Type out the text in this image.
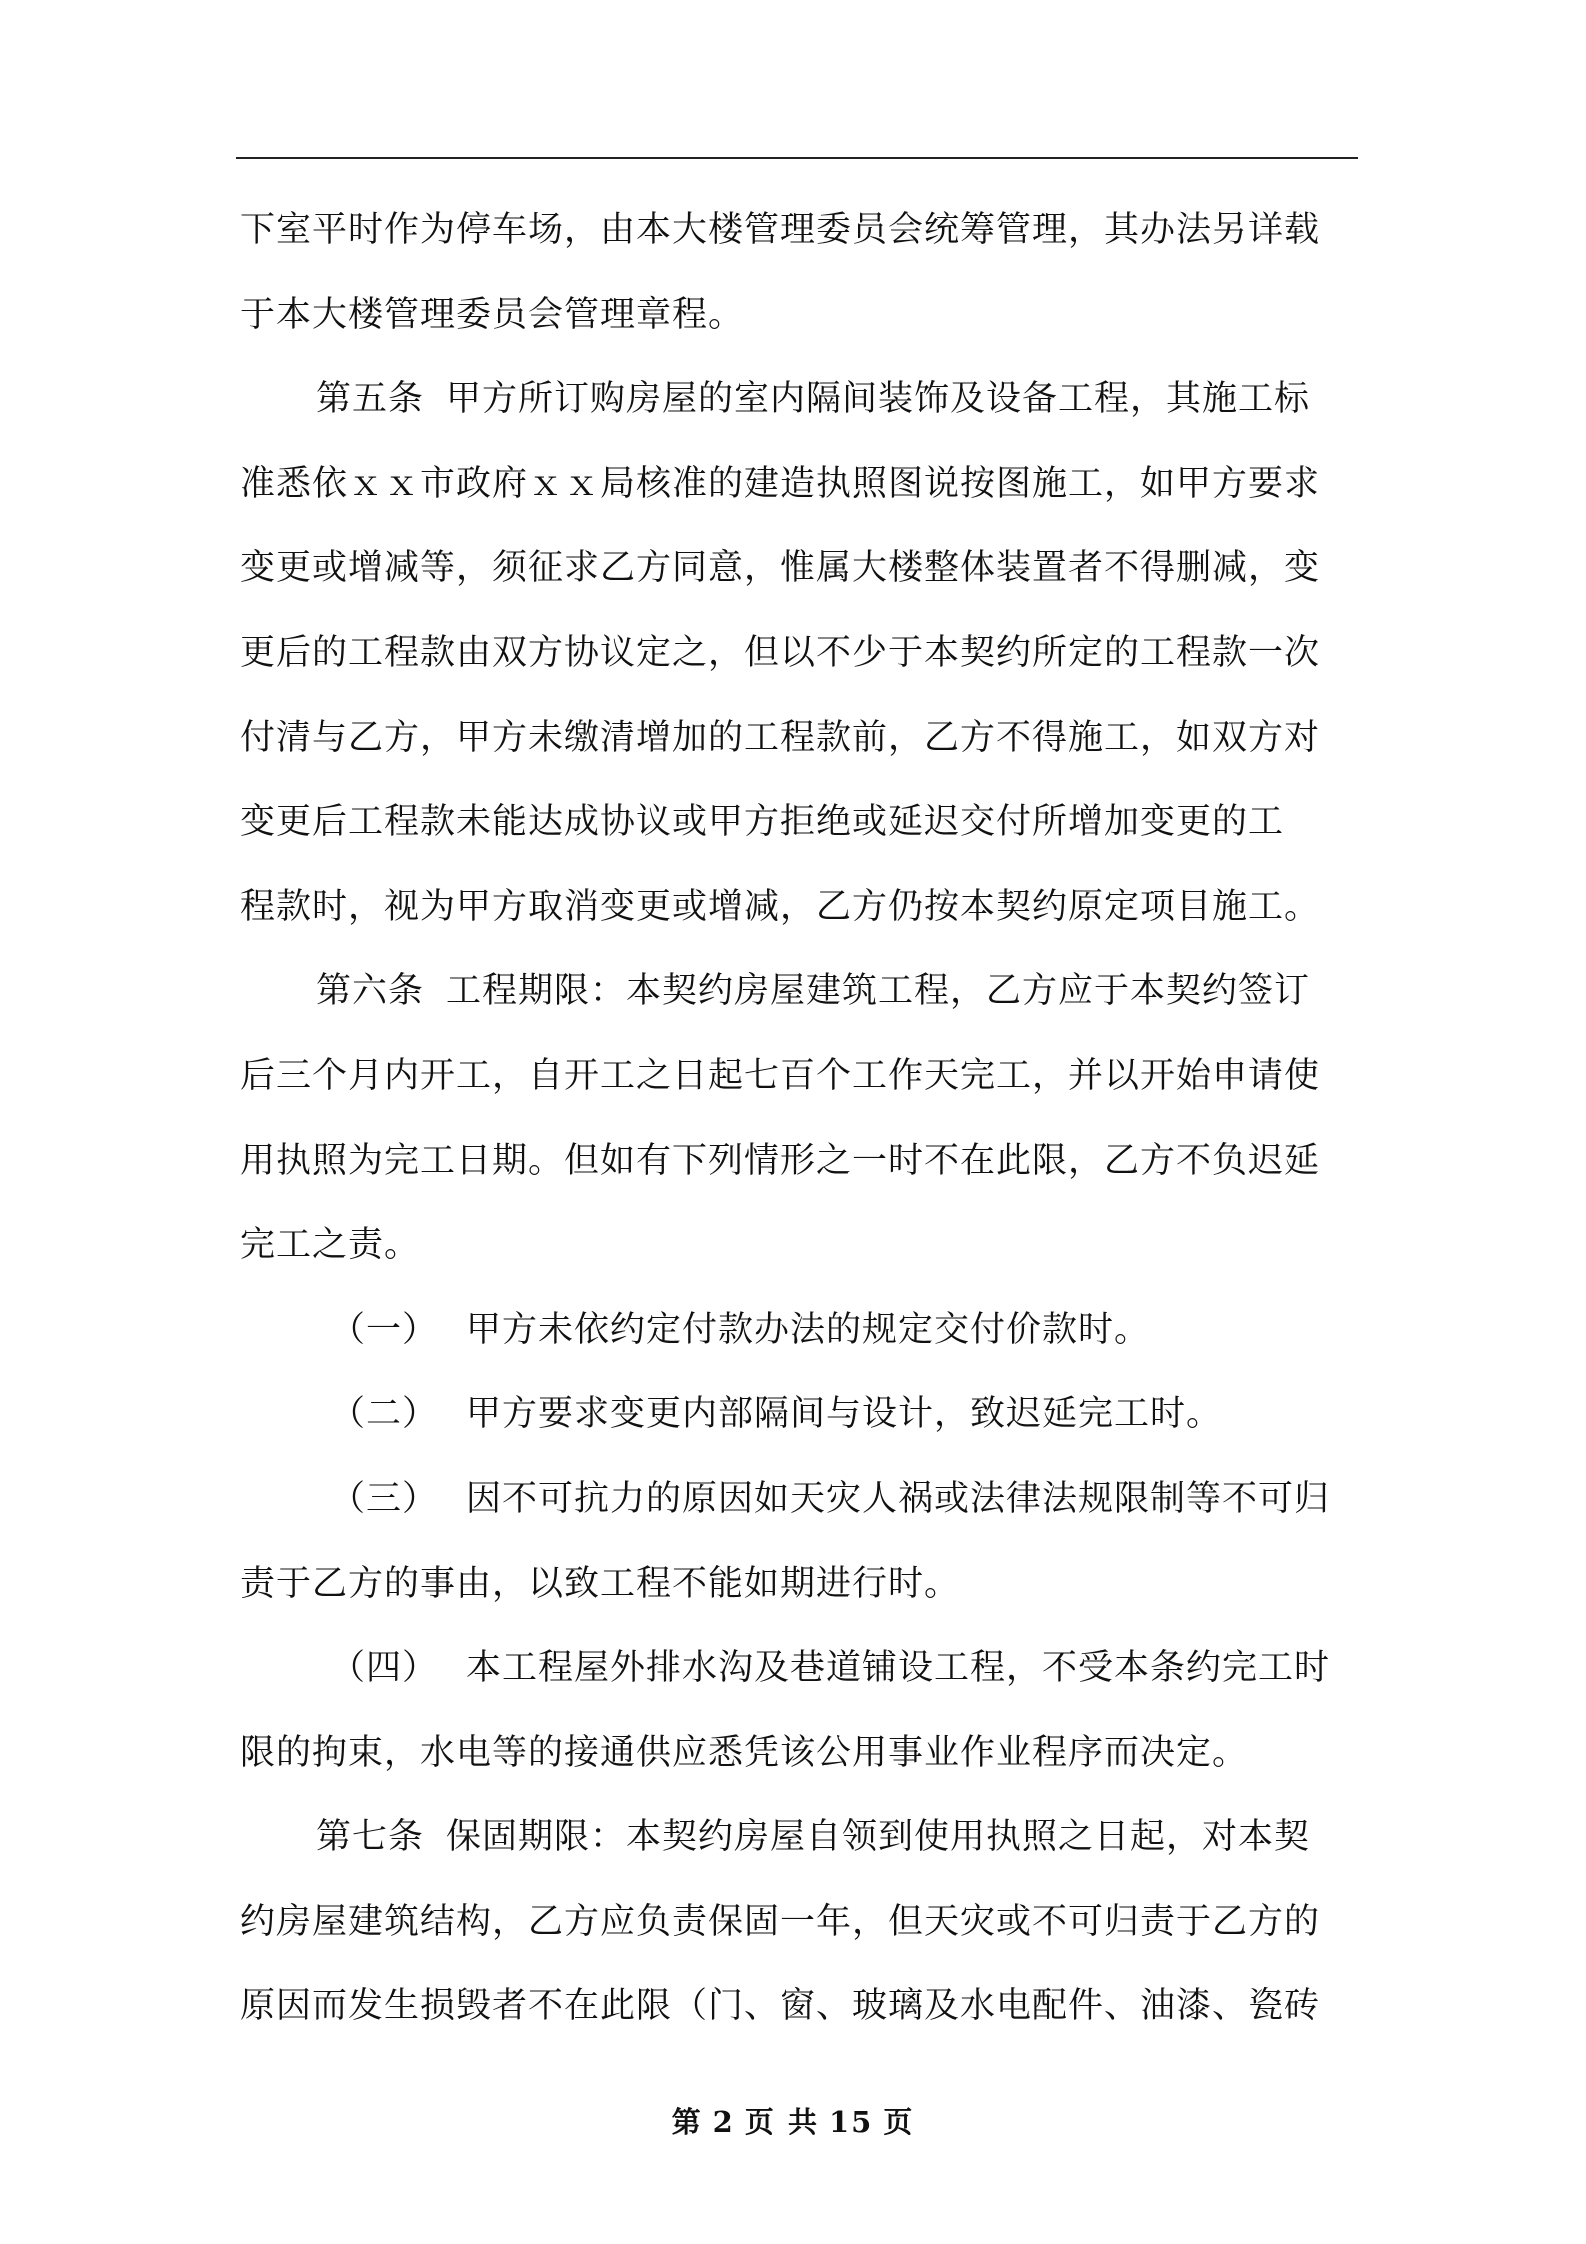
下室平时作为停车场，由本大楼管理委员会统筹管理，其办法另详载
于本大楼管理委员会管理章程。
第五条 甲方所订购房屋的室内隔间装饰及设备工程，其施工标
准悉依ｘｘ市政府ｘｘ局核准的建造执照图说按图施工，如甲方要求
变更或增减等，须征求乙方同意，惟属大楼整体装置者不得删减，变
更后的工程款由双方协议定之，但以不少于本契约所定的工程款一次
付清与乙方，甲方未缴清增加的工程款前，乙方不得施工，如双方对
变更后工程款未能达成协议或甲方拒绝或延迟交付所增加变更的工
程款时，视为甲方取消变更或增减，乙方仍按本契约原定项目施工。
第六条 工程期限：本契约房屋建筑工程，乙方应于本契约签订
后三个月内开工，自开工之日起七百个工作天完工，并以开始申请使
用执照为完工日期。但如有下列情形之一时不在此限，乙方不负迟延
完工之责。
（一） 甲方未依约定付款办法的规定交付价款时。
（二） 甲方要求变更内部隔间与设计，致迟延完工时。
（三） 因不可抗力的原因如天灾人祸或法律法规限制等不可归
责于乙方的事由，以致工程不能如期进行时。
（四） 本工程屋外排水沟及巷道铺设工程，不受本条约完工时
限的拘束，水电等的接通供应悉凭该公用事业作业程序而决定。
第七条 保固期限：本契约房屋自领到使用执照之日起，对本契
约房屋建筑结构，乙方应负责保固一年，但天灾或不可归责于乙方的
原因而发生损毁者不在此限（门、窗、玻璃及水电配件、油漆、瓷砖
第 2 页 共 15 页
